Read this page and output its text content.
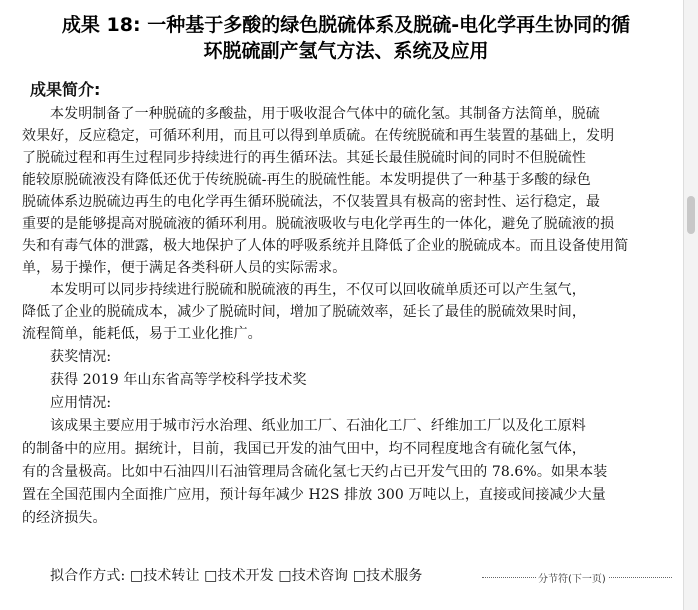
成果 18: 一种基于多酸的绿色脱硫体系及脱硫-电化学再生协同的循
环脱硫副产氢气方法、系统及应用
成果简介:
本发明制备了一种脱硫的多酸盐，用于吸收混合气体中的硫化氢。其制备方法简单，脱硫
效果好，反应稳定，可循环利用，而且可以得到单质硫。在传统脱硫和再生装置的基础上，发明
了脱硫过程和再生过程同步持续进行的再生循环法。其延长最佳脱硫时间的同时不但脱硫性
能较原脱硫液没有降低还优于传统脱硫-再生的脱硫性能。本发明提供了一种基于多酸的绿色
脱硫体系边脱硫边再生的电化学再生循环脱硫法，不仅装置具有极高的密封性、运行稳定，最
重要的是能够提高对脱硫液的循环利用。脱硫液吸收与电化学再生的一体化，避免了脱硫液的损
失和有毒气体的泄露，极大地保护了人体的呼吸系统并且降低了企业的脱硫成本。而且设备使用简
单，易于操作，便于满足各类科研人员的实际需求。
本发明可以同步持续进行脱硫和脱硫液的再生，不仅可以回收硫单质还可以产生氢气，
降低了企业的脱硫成本，减少了脱硫时间，增加了脱硫效率，延长了最佳的脱硫效果时间，
流程简单，能耗低，易于工业化推广。
获奖情况:
获得 2019 年山东省高等学校科学技术奖
应用情况:
该成果主要应用于城市污水治理、纸业加工厂、石油化工厂、纤维加工厂以及化工原料
的制备中的应用。据统计，目前，我国已开发的油气田中，均不同程度地含有硫化氢气体，
有的含量极高。比如中石油四川石油管理局含硫化氢七天约占已开发气田的 78.6%。如果本装
置在全国范围内全面推广应用，预计每年减少 H2S 排放 300 万吨以上，直接或间接减少大量
的经济损失。
拟合作方式: □技术转让 □技术开发 □技术咨询 □技术服务	分节符(下一页)
